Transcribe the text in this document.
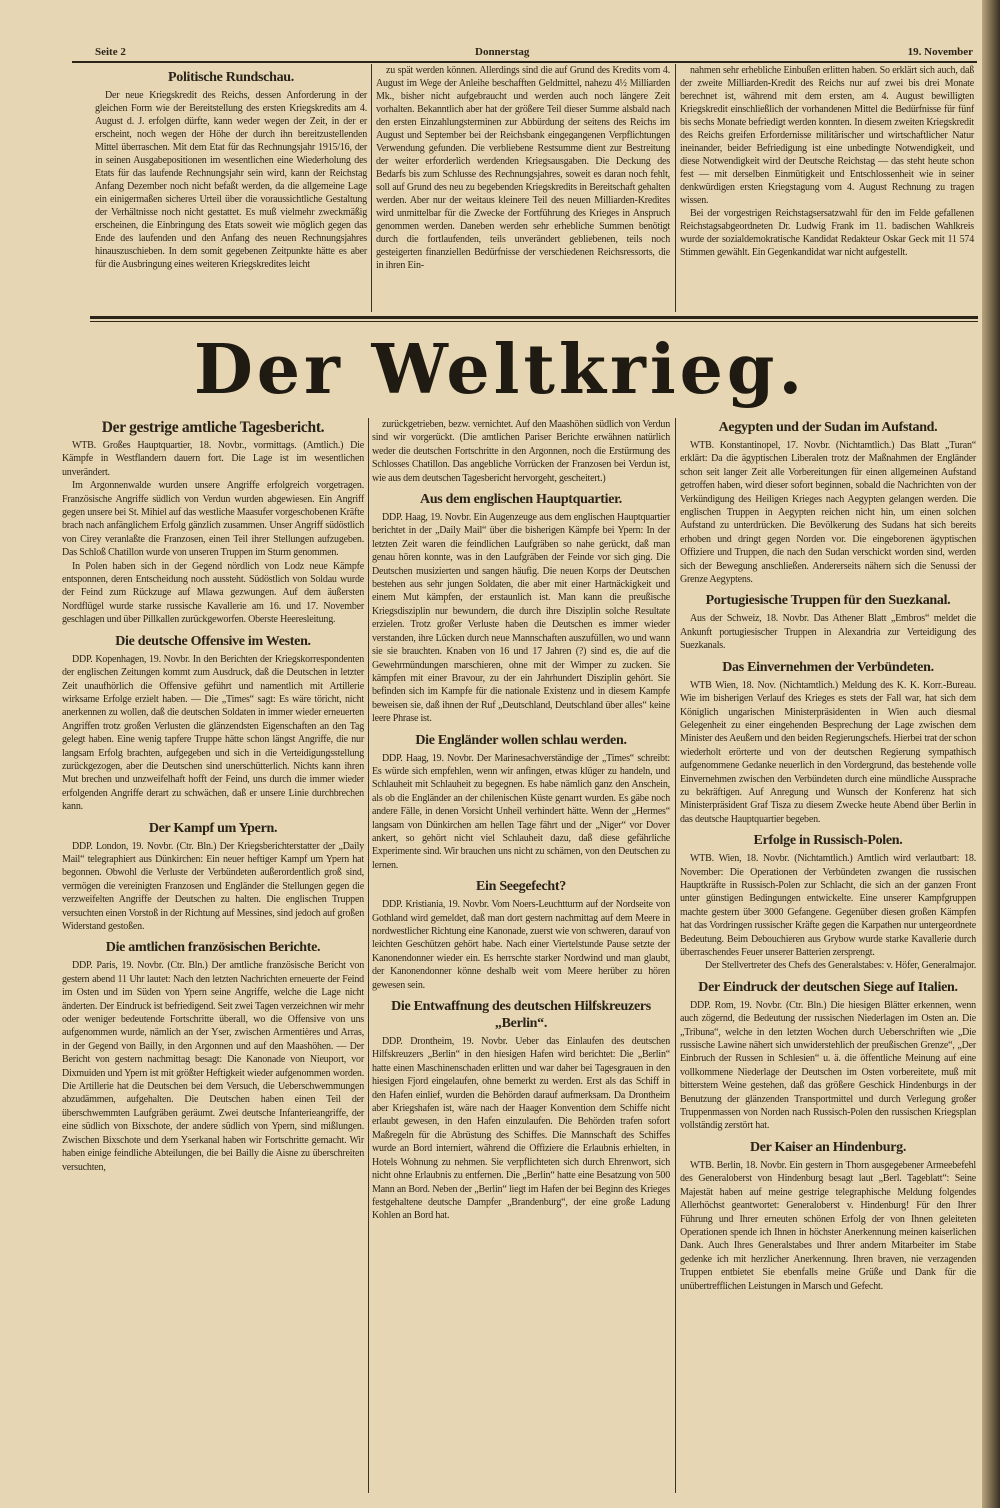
Seite 2	Donnerstag	19. November
Politische Rundschau.

Der neue Kriegskredit des Reichs, dessen Anforderung in der gleichen Form wie der Bereitstellung des ersten Kriegskredits am 4. August d. J. erfolgen dürfte, kann weder wegen der Zeit, in der er erscheint, noch wegen der Höhe der durch ihn bereitzustellenden Mittel überraschen. Mit dem Etat für das Rechnungsjahr 1915/16, der in seinen Ausgabepositionen im wesentlichen eine Wiederholung des Etats für das laufende Rechnungsjahr sein wird, kann der Reichstag Anfang Dezember noch nicht befaßt werden, da die allgemeine Lage ein einigermaßen sicheres Urteil über die voraussichtliche Gestaltung der Verhältnisse noch nicht gestattet. Es muß vielmehr zweckmäßig erscheinen, die Einbringung des Etats soweit wie möglich gegen das Ende des laufenden und den Anfang des neuen Rechnungsjahres hinauszuschieben. In dem somit gegebenen Zeitpunkte hätte es aber für die Ausbringung eines weiteren Kriegskredites leicht

zu spät werden können. Allerdings sind die auf Grund des Kredits vom 4. August im Wege der Anleihe beschafften Geldmittel, nahezu 4½ Milliarden Mk., bisher nicht aufgebraucht und werden auch noch längere Zeit vorhalten. Bekanntlich aber hat der größere Teil dieser Summe alsbald nach den ersten Einzahlungsterminen zur Abbürdung der seitens des Reichs im August und September bei der Reichsbank eingegangenen Verpflichtungen Verwendung gefunden. Die verbliebene Restsumme dient zur Bestreitung der weiter erforderlich werdenden Kriegsausgaben. Die Deckung des Bedarfs bis zum Schlusse des Rechnungsjahres, soweit es daran noch fehlt, soll auf Grund des neu zu begebenden Kriegskredits in Bereitschaft gehalten werden. Aber nur der weitaus kleinere Teil des neuen Milliarden-Kredites wird unmittelbar für die Zwecke der Fortführung des Krieges in Anspruch genommen werden. Daneben werden sehr erhebliche Summen benötigt durch die fortlaufenden, teils unverändert gebliebenen, teils noch gesteigerten finanziellen Bedürfnisse der verschiedenen Reichsressorts, die in ihren Ein-

nahmen sehr erhebliche Einbußen erlitten haben. So erklärt sich auch, daß der zweite Milliarden-Kredit des Reichs nur auf zwei bis drei Monate berechnet ist, während mit dem ersten, am 4. August bewilligten Kriegskredit einschließlich der vorhandenen Mittel die Bedürfnisse für fünf bis sechs Monate befriedigt werden konnten. In diesem zweiten Kriegskredit des Reichs greifen Erfordernisse militärischer und wirtschaftlicher Natur ineinander, beider Befriedigung ist eine unbedingte Notwendigkeit, und diese Notwendigkeit wird der Deutsche Reichstag — das steht heute schon fest — mit derselben Einmütigkeit und Entschlossenheit wie in seiner denkwürdigen ersten Kriegstagung vom 4. August Rechnung zu tragen wissen.

Bei der vorgestrigen Reichstagsersatzwahl für den im Felde gefallenen Reichstagsabgeordneten Dr. Ludwig Frank im 11. badischen Wahlkreis wurde der sozialdemokratische Kandidat Redakteur Oskar Geck mit 11 574 Stimmen gewählt. Ein Gegenkandidat war nicht aufgestellt.

Der Weltkrieg.
Der gestrige amtliche Tagesbericht.

WTB. Großes Hauptquartier, 18. Novbr., vormittags. (Amtlich.) Die Kämpfe in Westflandern dauern fort. Die Lage ist im wesentlichen unverändert.

Im Argonnenwalde wurden unsere Angriffe erfolgreich vorgetragen. Französische Angriffe südlich von Verdun wurden abgewiesen. Ein Angriff gegen unsere bei St. Mihiel auf das westliche Maasufer vorgeschobenen Kräfte brach nach anfänglichem Erfolg gänzlich zusammen. Unser Angriff südöstlich von Cirey veranlaßte die Franzosen, einen Teil ihrer Stellungen aufzugeben. Das Schloß Chatillon wurde von unseren Truppen im Sturm genommen.

In Polen haben sich in der Gegend nördlich von Lodz neue Kämpfe entsponnen, deren Entscheidung noch aussteht. Südöstlich von Soldau wurde der Feind zum Rückzuge auf Mlawa gezwungen. Auf dem äußersten Nordflügel wurde starke russische Kavallerie am 16. und 17. November geschlagen und über Pillkallen zurückgeworfen. Oberste Heeresleitung.

Die deutsche Offensive im Westen.

DDP. Kopenhagen, 19. Novbr. In den Berichten der Kriegskorrespondenten der englischen Zeitungen kommt zum Ausdruck, daß die Deutschen in letzter Zeit unaufhörlich die Offensive geführt und namentlich mit Artillerie wirksame Erfolge erzielt haben. — Die „Times“ sagt: Es wäre töricht, nicht anerkennen zu wollen, daß die deutschen Soldaten in immer wieder erneuerten Angriffen trotz großen Verlusten die glänzendsten Eigenschaften an den Tag gelegt haben. Eine wenig tapfere Truppe hätte schon längst Angriffe, die nur langsam Erfolg brachten, aufgegeben und sich in die Verteidigungsstellung zurückgezogen, aber die Deutschen sind unerschütterlich. Nichts kann ihren Mut brechen und unzweifelhaft hofft der Feind, uns durch die immer wieder erfolgenden Angriffe derart zu schwächen, daß er unsere Linie durchbrechen kann.

Der Kampf um Ypern.

DDP. London, 19. Novbr. (Ctr. Bln.) Der Kriegsberichterstatter der „Daily Mail“ telegraphiert aus Dünkirchen: Ein neuer heftiger Kampf um Ypern hat begonnen. Obwohl die Verluste der Verbündeten außerordentlich groß sind, vermögen die vereinigten Franzosen und Engländer die Stellungen gegen die verzweifelten Angriffe der Deutschen zu halten. Die englischen Truppen versuchten einen Vorstoß in der Richtung auf Messines, sind jedoch auf großen Widerstand gestoßen.

Die amtlichen französischen Berichte.

DDP. Paris, 19. Novbr. (Ctr. Bln.) Der amtliche französische Bericht von gestern abend 11 Uhr lautet: Nach den letzten Nachrichten erneuerte der Feind im Osten und im Süden von Ypern seine Angriffe, welche die Lage nicht änderten. Der Eindruck ist befriedigend. Seit zwei Tagen verzeichnen wir mehr oder weniger bedeutende Fortschritte überall, wo die Offensive von uns aufgenommen wurde, nämlich an der Yser, zwischen Armentières und Arras, in der Gegend von Bailly, in den Argonnen und auf den Maashöhen. — Der Bericht von gestern nachmittag besagt: Die Kanonade von Nieuport, vor Dixmuiden und Ypern ist mit größter Heftigkeit wieder aufgenommen worden. Die Artillerie hat die Deutschen bei dem Versuch, die Ueberschwemmungen abzudämmen, aufgehalten. Die Deutschen haben einen Teil der überschwemmten Laufgräben geräumt. Zwei deutsche Infanterieangriffe, der eine südlich von Bixschote, der andere südlich von Ypern, sind mißlungen. Zwischen Bixschote und dem Yserkanal haben wir Fortschritte gemacht. Wir haben einige feindliche Abteilungen, die bei Bailly die Aisne zu überschreiten versuchten,

zurückgetrieben, bezw. vernichtet. Auf den Maashöhen südlich von Verdun sind wir vorgerückt. (Die amtlichen Pariser Berichte erwähnen natürlich weder die deutschen Fortschritte in den Argonnen, noch die Erstürmung des Schlosses Chatillon. Das angebliche Vorrücken der Franzosen bei Verdun ist, wie aus dem deutschen Tagesbericht hervorgeht, gescheitert.)

Aus dem englischen Hauptquartier.

DDP. Haag, 19. Novbr. Ein Augenzeuge aus dem englischen Hauptquartier berichtet in der „Daily Mail“ über die bisherigen Kämpfe bei Ypern: In der letzten Zeit waren die feindlichen Laufgräben so nahe gerückt, daß man genau hören konnte, was in den Laufgräben der Feinde vor sich ging. Die Deutschen musizierten und sangen häufig. Die neuen Korps der Deutschen bestehen aus sehr jungen Soldaten, die aber mit einer Hartnäckigkeit und einem Mut kämpfen, der erstaunlich ist. Man kann die preußische Kriegsdisziplin nur bewundern, die durch ihre Disziplin solche Resultate erzielen. Trotz großer Verluste haben die Deutschen es immer wieder verstanden, ihre Lücken durch neue Mannschaften auszufüllen, wo und wann sie sie brauchten. Knaben von 16 und 17 Jahren (?) sind es, die auf die Gewehrmündungen marschieren, ohne mit der Wimper zu zucken. Sie kämpfen mit einer Bravour, zu der ein Jahrhundert Disziplin gehört. Sie befinden sich im Kampfe für die nationale Existenz und in diesem Kampfe beweisen sie, daß ihnen der Ruf „Deutschland, Deutschland über alles“ keine leere Phrase ist.

Die Engländer wollen schlau werden.

DDP. Haag, 19. Novbr. Der Marinesachverständige der „Times“ schreibt: Es würde sich empfehlen, wenn wir anfingen, etwas klüger zu handeln, und Schlauheit mit Schlauheit zu begegnen. Es habe nämlich ganz den Anschein, als ob die Engländer an der chilenischen Küste genarrt wurden. Es gäbe noch andere Fälle, in denen Vorsicht Unheil verhindert hätte. Wenn der „Hermes“ langsam von Dünkirchen am hellen Tage fährt und der „Niger“ vor Dover ankert, so gehört nicht viel Schlauheit dazu, daß diese gefährliche Experimente sind. Wir brauchen uns nicht zu schämen, von den Deutschen zu lernen.

Ein Seegefecht?

DDP. Kristiania, 19. Novbr. Vom Noers-Leuchtturm auf der Nordseite von Gothland wird gemeldet, daß man dort gestern nachmittag auf dem Meere in nordwestlicher Richtung eine Kanonade, zuerst wie von schweren, darauf von leichten Geschützen gehört habe. Nach einer Viertelstunde Pause setzte der Kanonendonner wieder ein. Es herrschte starker Nordwind und man glaubt, der Kanonendonner könne deshalb weit vom Meere herüber zu hören gewesen sein.

Die Entwaffnung des deutschen Hilfskreuzers „Berlin“.

DDP. Drontheim, 19. Novbr. Ueber das Einlaufen des deutschen Hilfskreuzers „Berlin“ in den hiesigen Hafen wird berichtet: Die „Berlin“ hatte einen Maschinenschaden erlitten und war daher bei Tagesgrauen in den hiesigen Fjord eingelaufen, ohne bemerkt zu werden. Erst als das Schiff in den Hafen einlief, wurden die Behörden darauf aufmerksam. Da Drontheim aber Kriegshafen ist, wäre nach der Haager Konvention dem Schiffe nicht erlaubt gewesen, in den Hafen einzulaufen. Die Behörden trafen sofort Maßregeln für die Abrüstung des Schiffes. Die Mannschaft des Schiffes wurde an Bord interniert, während die Offiziere die Erlaubnis erhielten, in Hotels Wohnung zu nehmen. Sie verpflichteten sich durch Ehrenwort, sich nicht ohne Erlaubnis zu entfernen. Die „Berlin“ hatte eine Besatzung von 500 Mann an Bord. Neben der „Berlin“ liegt im Hafen der bei Beginn des Krieges festgehaltene deutsche Dampfer „Brandenburg“, der eine große Ladung Kohlen an Bord hat.

Aegypten und der Sudan im Aufstand.

WTB. Konstantinopel, 17. Novbr. (Nichtamtlich.) Das Blatt „Turan“ erklärt: Da die ägyptischen Liberalen trotz der Maßnahmen der Engländer schon seit langer Zeit alle Vorbereitungen für einen allgemeinen Aufstand getroffen haben, wird dieser sofort beginnen, sobald die Nachrichten von der Verkündigung des Heiligen Krieges nach Aegypten gelangen werden. Die englischen Truppen in Aegypten reichen nicht hin, um einen solchen Aufstand zu unterdrücken. Die Bevölkerung des Sudans hat sich bereits erhoben und dringt gegen Norden vor. Die eingeborenen ägyptischen Offiziere und Truppen, die nach den Sudan verschickt worden sind, werden sich der Bewegung anschließen. Andererseits nähern sich die Senussi der Grenze Aegyptens.

Portugiesische Truppen für den Suezkanal.

Aus der Schweiz, 18. Novbr. Das Athener Blatt „Embros“ meldet die Ankunft portugiesischer Truppen in Alexandria zur Verteidigung des Suezkanals.

Das Einvernehmen der Verbündeten.

WTB Wien, 18. Nov. (Nichtamtlich.) Meldung des K. K. Korr.-Bureau. Wie im bisherigen Verlauf des Krieges es stets der Fall war, hat sich dem Königlich ungarischen Ministerpräsidenten in Wien auch diesmal Gelegenheit zu einer eingehenden Besprechung der Lage zwischen dem Minister des Aeußern und den beiden Regierungschefs. Hierbei trat der schon wiederholt erörterte und von der deutschen Regierung sympathisch aufgenommene Gedanke neuerlich in den Vordergrund, das bestehende volle Einvernehmen zwischen den Verbündeten durch eine mündliche Aussprache zu bekräftigen. Auf Anregung und Wunsch der Konferenz hat sich Ministerpräsident Graf Tisza zu diesem Zwecke heute Abend über Berlin in das deutsche Hauptquartier begeben.

Erfolge in Russisch-Polen.

WTB. Wien, 18. Novbr. (Nichtamtlich.) Amtlich wird verlautbart: 18. November: Die Operationen der Verbündeten zwangen die russischen Hauptkräfte in Russisch-Polen zur Schlacht, die sich an der ganzen Front unter günstigen Bedingungen entwickelte. Eine unserer Kampfgruppen machte gestern über 3000 Gefangene. Gegenüber diesen großen Kämpfen hat das Vordringen russischer Kräfte gegen die Karpathen nur untergeordnete Bedeutung. Beim Debouchieren aus Grybow wurde starke Kavallerie durch überraschendes Feuer unserer Batterien zersprengt.

Der Stellvertreter des Chefs des Generalstabes: v. Höfer, Generalmajor.

Der Eindruck der deutschen Siege auf Italien.

DDP. Rom, 19. Novbr. (Ctr. Bln.) Die hiesigen Blätter erkennen, wenn auch zögernd, die Bedeutung der russischen Niederlagen im Osten an. Die „Tribuna“, welche in den letzten Wochen durch Ueberschriften wie „Die russische Lawine nähert sich unwiderstehlich der preußischen Grenze“, „Der Einbruch der Russen in Schlesien“ u. ä. die öffentliche Meinung auf eine vollkommene Niederlage der Deutschen im Osten vorbereitete, muß mit bitterstem Weine gestehen, daß das größere Geschick Hindenburgs in der Benutzung der glänzenden Transportmittel und durch Verlegung großer Truppenmassen von Norden nach Russisch-Polen den russischen Kriegsplan vollständig zerstört hat.

Der Kaiser an Hindenburg.

WTB. Berlin, 18. Novbr. Ein gestern in Thorn ausgegebener Armeebefehl des Generaloberst von Hindenburg besagt laut „Berl. Tageblatt“: Seine Majestät haben auf meine gestrige telegraphische Meldung folgendes Allerhöchst geantwortet: Generaloberst v. Hindenburg! Für den Ihrer Führung und Ihrer erneuten schönen Erfolg der von Ihnen geleiteten Operationen spende ich Ihnen in höchster Anerkennung meinen kaiserlichen Dank. Auch Ihres Generalstabes und Ihrer andern Mitarbeiter im Stabe gedenke ich mit herzlicher Anerkennung. Ihren braven, nie verzagenden Truppen entbietet Sie ebenfalls meine Grüße und Dank für die unübertrefflichen Leistungen in Marsch und Gefecht.
